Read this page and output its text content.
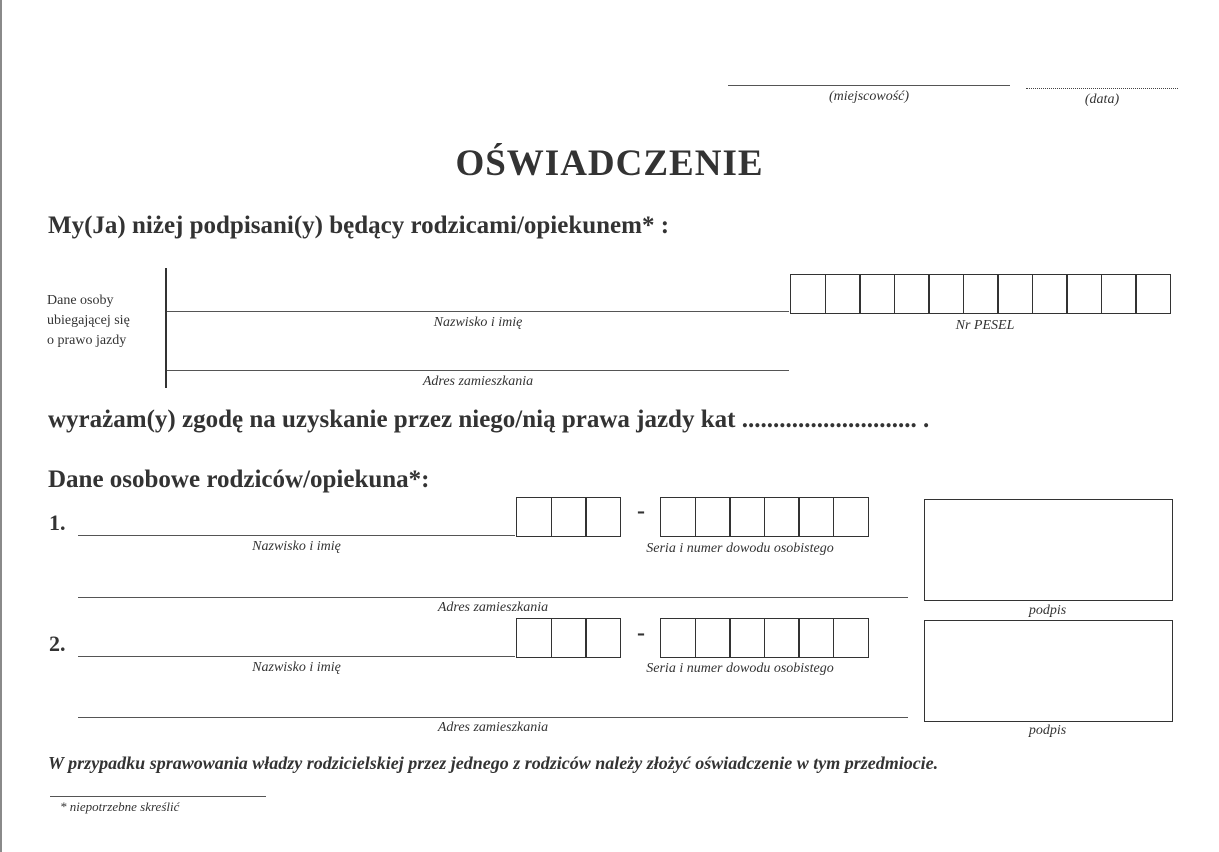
(miejscowość)	(data)
OŚWIADCZENIE
My(Ja) niżej podpisani(y) będący rodzicami/opiekunem* :
Dane osoby
ubiegającej się
o prawo jazdy
Nazwisko i imię	Nr PESEL
Adres zamieszkania
wyrażam(y) zgodę na uzyskanie przez niego/nią prawa jazdy kat ............................ .
Dane osobowe rodziców/opiekuna*:
1.
Nazwisko i imię
-
Seria i numer dowodu osobistego
podpis
Adres zamieszkania
2.
Nazwisko i imię
-
Seria i numer dowodu osobistego
podpis
Adres zamieszkania
W przypadku sprawowania władzy rodzicielskiej przez jednego z rodziców należy złożyć oświadczenie w tym przedmiocie.
* niepotrzebne skreślić
